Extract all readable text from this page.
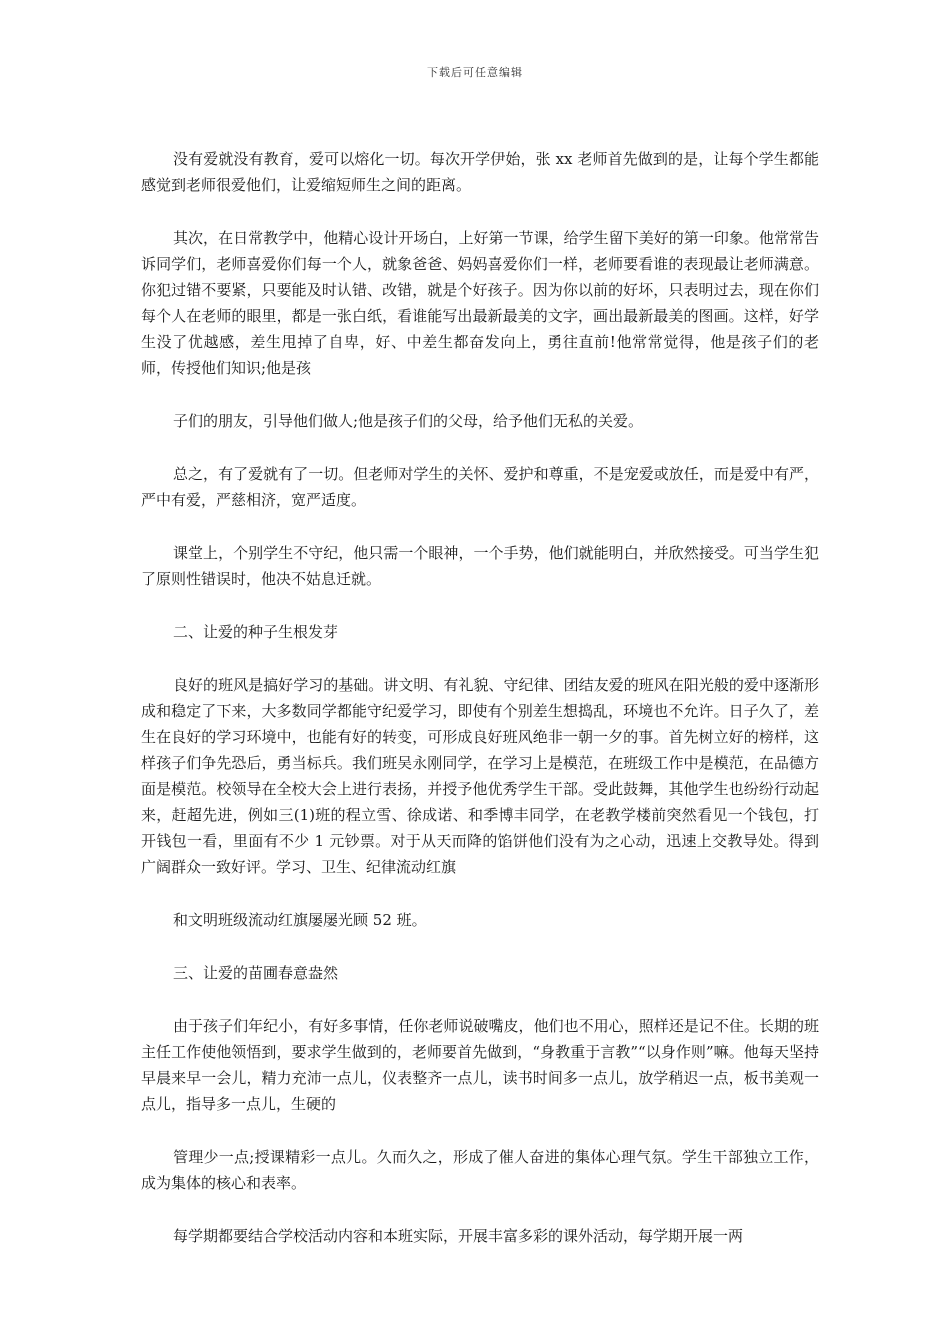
下载后可任意编辑

没有爱就没有教育，爱可以熔化一切。每次开学伊始，张 xx 老师首先做到的是，让每个学生都能感觉到老师很爱他们，让爱缩短师生之间的距离。

其次，在日常教学中，他精心设计开场白，上好第一节课，给学生留下美好的第一印象。他常常告诉同学们，老师喜爱你们每一个人，就象爸爸、妈妈喜爱你们一样，老师要看谁的表现最让老师满意。你犯过错不要紧，只要能及时认错、改错，就是个好孩子。因为你以前的好坏，只表明过去，现在你们每个人在老师的眼里，都是一张白纸，看谁能写出最新最美的文字，画出最新最美的图画。这样，好学生没了优越感，差生甩掉了自卑，好、中差生都奋发向上，勇往直前!他常常觉得，他是孩子们的老师，传授他们知识;他是孩

子们的朋友，引导他们做人;他是孩子们的父母，给予他们无私的关爱。

总之，有了爱就有了一切。但老师对学生的关怀、爱护和尊重，不是宠爱或放任，而是爱中有严，严中有爱，严慈相济，宽严适度。

课堂上，个别学生不守纪，他只需一个眼神，一个手势，他们就能明白，并欣然接受。可当学生犯了原则性错误时，他决不姑息迁就。

二、让爱的种子生根发芽

良好的班风是搞好学习的基础。讲文明、有礼貌、守纪律、团结友爱的班风在阳光般的爱中逐渐形成和稳定了下来，大多数同学都能守纪爱学习，即使有个别差生想捣乱，环境也不允许。日子久了，差生在良好的学习环境中，也能有好的转变，可形成良好班风绝非一朝一夕的事。首先树立好的榜样，这样孩子们争先恐后，勇当标兵。我们班吴永刚同学，在学习上是模范，在班级工作中是模范，在品德方面是模范。校领导在全校大会上进行表扬，并授予他优秀学生干部。受此鼓舞，其他学生也纷纷行动起来，赶超先进，例如三(1)班的程立雪、徐成诺、和季博丰同学，在老教学楼前突然看见一个钱包，打开钱包一看，里面有不少 1 元钞票。对于从天而降的馅饼他们没有为之心动，迅速上交教导处。得到广阔群众一致好评。学习、卫生、纪律流动红旗

和文明班级流动红旗屡屡光顾 52 班。

三、让爱的苗圃春意盎然

由于孩子们年纪小，有好多事情，任你老师说破嘴皮，他们也不用心，照样还是记不住。长期的班主任工作使他领悟到，要求学生做到的，老师要首先做到，“身教重于言教”“以身作则”嘛。他每天坚持早晨来早一会儿，精力充沛一点儿，仪表整齐一点儿，读书时间多一点儿，放学稍迟一点，板书美观一点儿，指导多一点儿，生硬的

管理少一点;授课精彩一点儿。久而久之，形成了催人奋进的集体心理气氛。学生干部独立工作，成为集体的核心和表率。

每学期都要结合学校活动内容和本班实际，开展丰富多彩的课外活动，每学期开展一两
